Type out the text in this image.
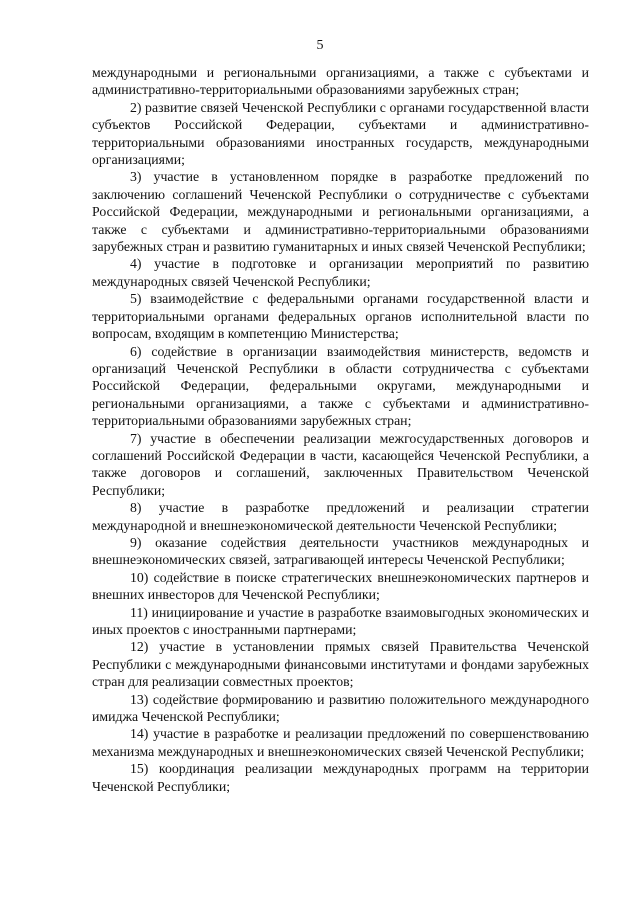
5

международными и региональными организациями, а также с субъектами и административно-территориальными образованиями зарубежных стран;

2) развитие связей Чеченской Республики с органами государственной власти субъектов Российской Федерации, субъектами и административно-территориальными образованиями иностранных государств, международными организациями;

3) участие в установленном порядке в разработке предложений по заключению соглашений Чеченской Республики о сотрудничестве с субъектами Российской Федерации, международными и региональными организациями, а также с субъектами и административно-территориальными образованиями зарубежных стран и развитию гуманитарных и иных связей Чеченской Республики;

4) участие в подготовке и организации мероприятий по развитию международных связей Чеченской Республики;

5) взаимодействие с федеральными органами государственной власти и территориальными органами федеральных органов исполнительной власти по вопросам, входящим в компетенцию Министерства;

6) содействие в организации взаимодействия министерств, ведомств и организаций Чеченской Республики в области сотрудничества с субъектами Российской Федерации, федеральными округами, международными и региональными организациями, а также с субъектами и административно-территориальными образованиями зарубежных стран;

7) участие в обеспечении реализации межгосударственных договоров и соглашений Российской Федерации в части, касающейся Чеченской Республики, а также договоров и соглашений, заключенных Правительством Чеченской Республики;

8) участие в разработке предложений и реализации стратегии международной и внешнеэкономической деятельности Чеченской Республики;

9) оказание содействия деятельности участников международных и внешнеэкономических связей, затрагивающей интересы Чеченской Республики;

10) содействие в поиске стратегических внешнеэкономических партнеров и внешних инвесторов для Чеченской Республики;

11) инициирование и участие в разработке взаимовыгодных экономических и иных проектов с иностранными партнерами;

12) участие в установлении прямых связей Правительства Чеченской Республики с международными финансовыми институтами и фондами зарубежных стран для реализации совместных проектов;

13) содействие формированию и развитию положительного международного имиджа Чеченской Республики;

14) участие в разработке и реализации предложений по совершенствованию механизма международных и внешнеэкономических связей Чеченской Республики;

15) координация реализации международных программ на территории Чеченской Республики;
